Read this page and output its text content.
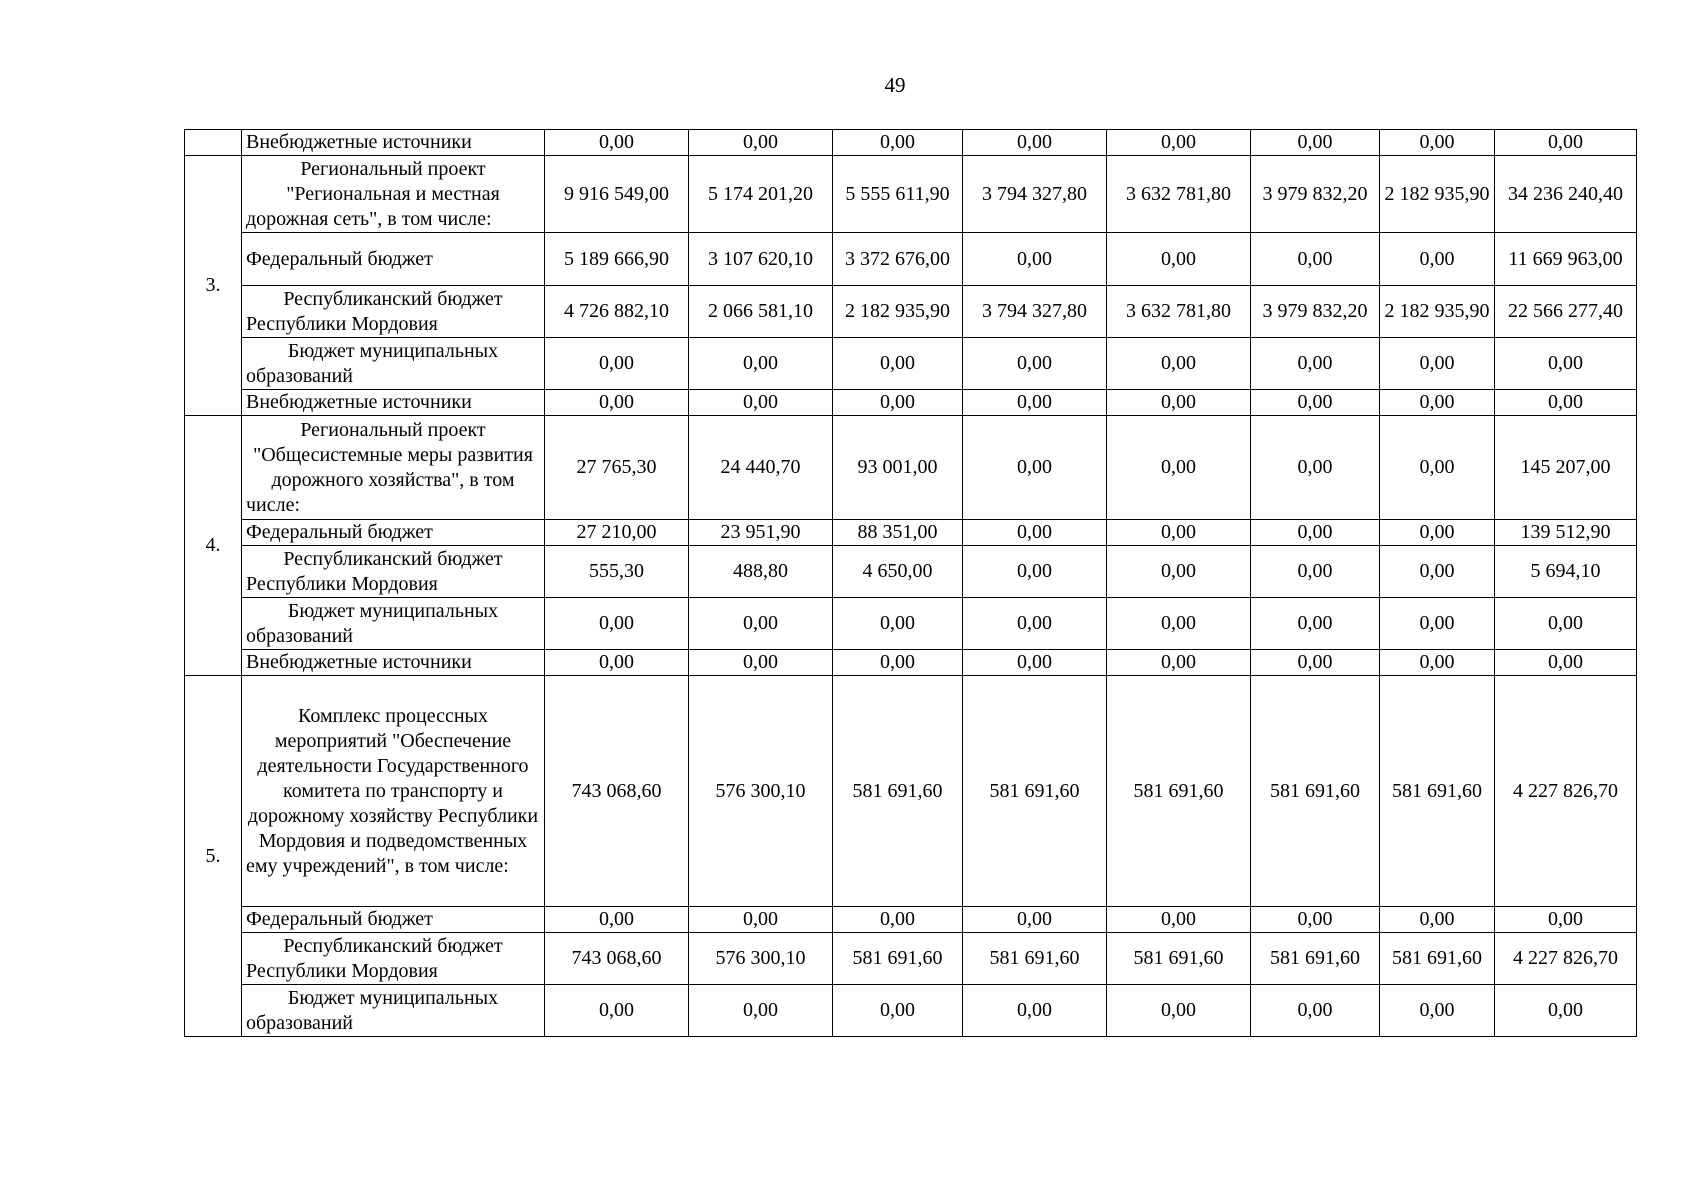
49
	Внебюджетные источники	0,00	0,00	0,00	0,00	0,00	0,00	0,00	0,00
3.	Региональный проект "Региональная и местная дорожная сеть", в том числе:	9 916 549,00	5 174 201,20	5 555 611,90	3 794 327,80	3 632 781,80	3 979 832,20	2 182 935,90	34 236 240,40
	Федеральный бюджет	5 189 666,90	3 107 620,10	3 372 676,00	0,00	0,00	0,00	0,00	11 669 963,00
	Республиканский бюджет Республики Мордовия	4 726 882,10	2 066 581,10	2 182 935,90	3 794 327,80	3 632 781,80	3 979 832,20	2 182 935,90	22 566 277,40
	Бюджет муниципальных образований	0,00	0,00	0,00	0,00	0,00	0,00	0,00	0,00
	Внебюджетные источники	0,00	0,00	0,00	0,00	0,00	0,00	0,00	0,00
4.	Региональный проект "Общесистемные меры развития дорожного хозяйства", в том числе:	27 765,30	24 440,70	93 001,00	0,00	0,00	0,00	0,00	145 207,00
	Федеральный бюджет	27 210,00	23 951,90	88 351,00	0,00	0,00	0,00	0,00	139 512,90
	Республиканский бюджет Республики Мордовия	555,30	488,80	4 650,00	0,00	0,00	0,00	0,00	5 694,10
	Бюджет муниципальных образований	0,00	0,00	0,00	0,00	0,00	0,00	0,00	0,00
	Внебюджетные источники	0,00	0,00	0,00	0,00	0,00	0,00	0,00	0,00
5.	Комплекс процессных мероприятий "Обеспечение деятельности Государственного комитета по транспорту и дорожному хозяйству Республики Мордовия и подведомственных ему учреждений", в том числе:	743 068,60	576 300,10	581 691,60	581 691,60	581 691,60	581 691,60	581 691,60	4 227 826,70
	Федеральный бюджет	0,00	0,00	0,00	0,00	0,00	0,00	0,00	0,00
	Республиканский бюджет Республики Мордовия	743 068,60	576 300,10	581 691,60	581 691,60	581 691,60	581 691,60	581 691,60	4 227 826,70
	Бюджет муниципальных образований	0,00	0,00	0,00	0,00	0,00	0,00	0,00	0,00
